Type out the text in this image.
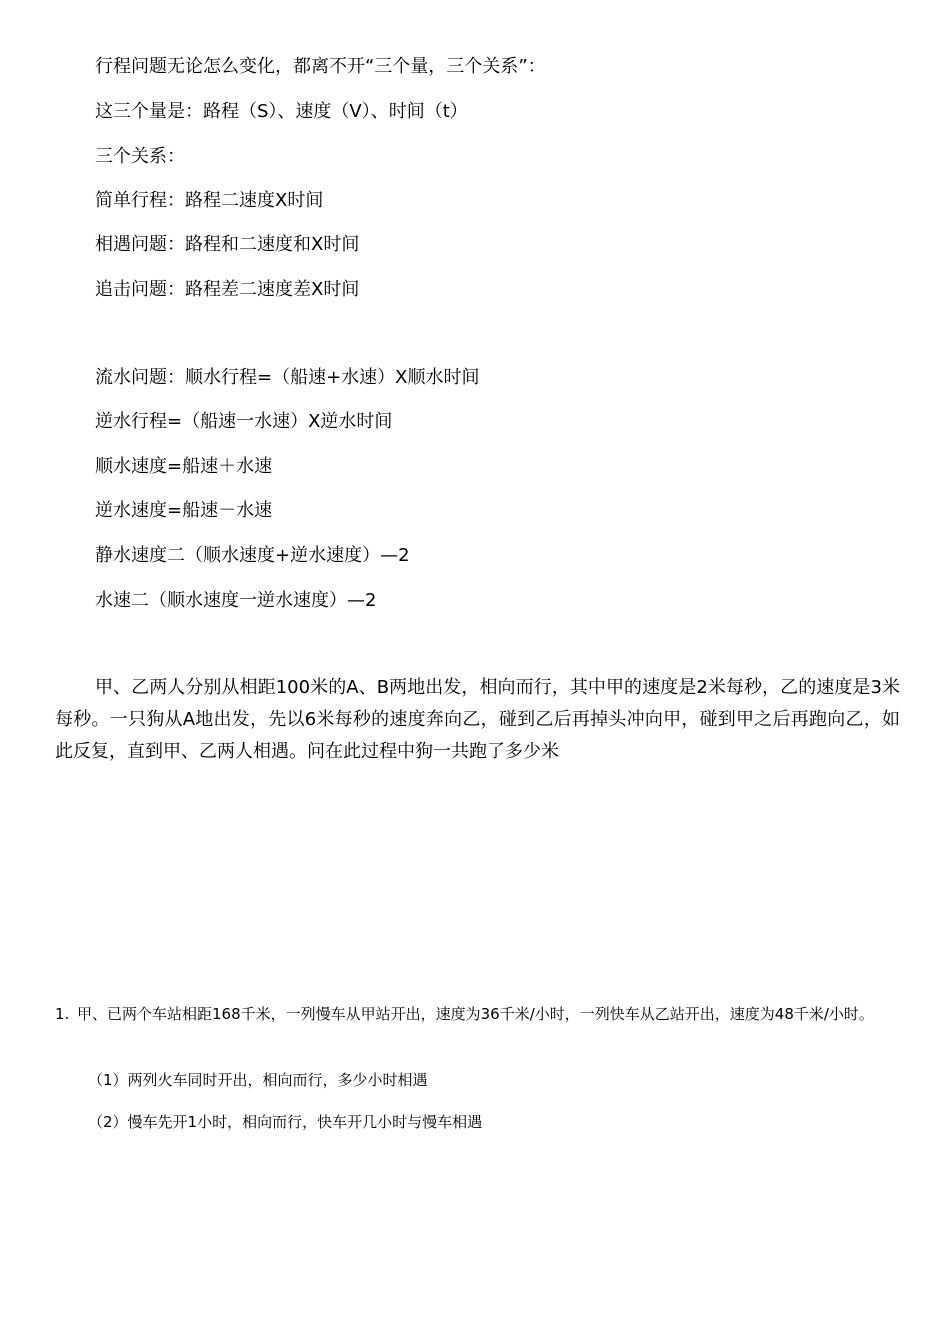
行程问题无论怎么变化，都离不开“三个量，三个关系”：

这三个量是：路程（S）、速度（V）、时间（t）

三个关系：

简单行程：路程二速度X时间

相遇问题：路程和二速度和X时间

追击问题：路程差二速度差X时间

流水问题：顺水行程=（船速+水速）X顺水时间

逆水行程=（船速一水速）X逆水时间

顺水速度=船速＋水速

逆水速度=船速－水速

静水速度二（顺水速度+逆水速度）—2

水速二（顺水速度一逆水速度）—2

甲、乙两人分别从相距100米的A、B两地出发，相向而行，其中甲的速度是2米每秒，乙的速度是3米每秒。一只狗从A地出发，先以6米每秒的速度奔向乙，碰到乙后再掉头冲向甲，碰到甲之后再跑向乙，如此反复，直到甲、乙两人相遇。问在此过程中狗一共跑了多少米

1. 甲、已两个车站相距168千米，一列慢车从甲站开出，速度为36千米/小时，一列快车从乙站开出，速度为48千米/小时。

（1）两列火车同时开出，相向而行，多少小时相遇

（2）慢车先开1小时，相向而行，快车开几小时与慢车相遇
